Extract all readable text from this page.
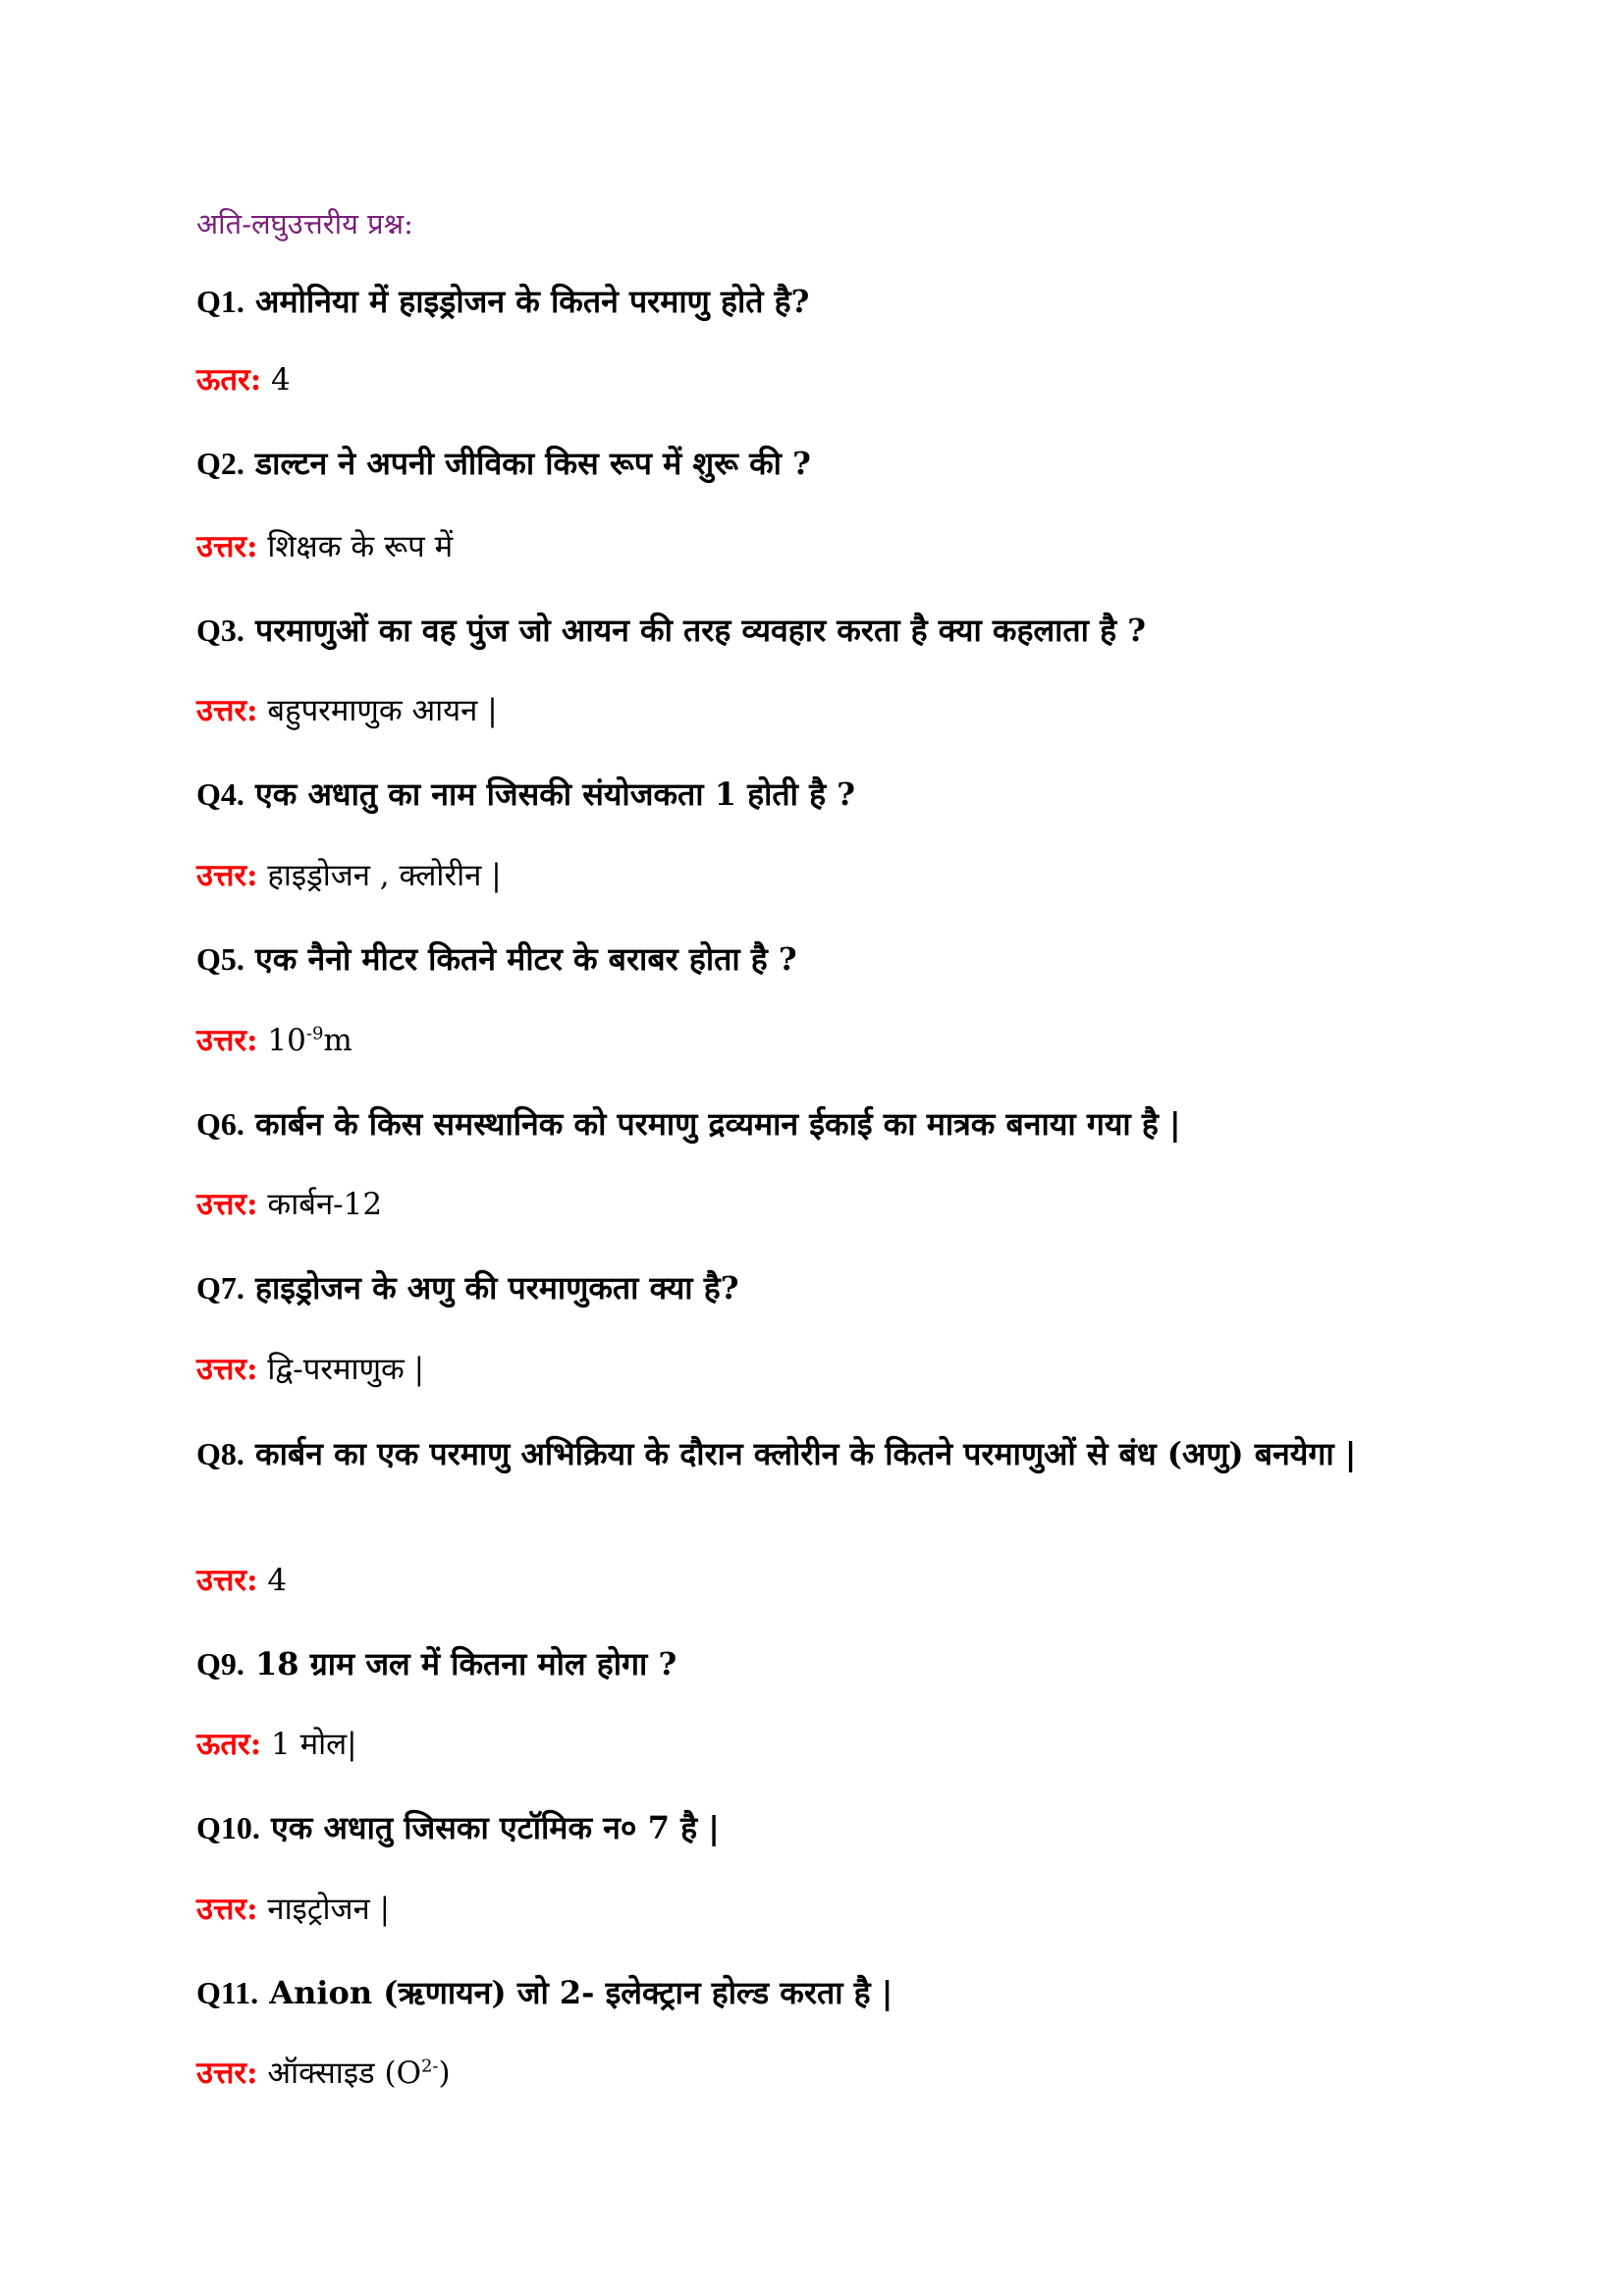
अति-लघुउत्तरीय प्रश्न:
Q1. अमोनिया में हाइड्रोजन के कितने परमाणु होते है?
ऊतर: 4
Q2. डाल्टन ने अपनी जीविका किस रूप में शुरू की ?
उत्तर: शिक्षक के रूप में
Q3. परमाणुओं का वह पुंज जो आयन की तरह व्यवहार करता है क्या कहलाता है ?
उत्तर: बहुपरमाणुक आयन |
Q4. एक अधातु का नाम जिसकी संयोजकता 1 होती है ?
उत्तर: हाइड्रोजन , क्लोरीन |
Q5. एक नैनो मीटर कितने मीटर के बराबर होता है ?
उत्तर: $10^{-9}m$
Q6. कार्बन के किस समस्थानिक को परमाणु द्रव्यमान ईकाई का मात्रक बनाया गया है |
उत्तर: कार्बन-12
Q7. हाइड्रोजन के अणु की परमाणुकता क्या है?
उत्तर: द्वि-परमाणुक |
Q8. कार्बन का एक परमाणु अभिक्रिया के दौरान क्लोरीन के कितने परमाणुओं से बंध (अणु) बनयेगा |
उत्तर: 4
Q9. 18 ग्राम जल में कितना मोल होगा ?
ऊतर: 1 मोल|
Q10. एक अधातु जिसका एटॉमिक न० 7 है |
उत्तर: नाइट्रोजन |
Q11. Anion (ऋणायन) जो 2- इलेक्ट्रान होल्ड करता है |
उत्तर: ऑक्साइड $(O^{2-})$
